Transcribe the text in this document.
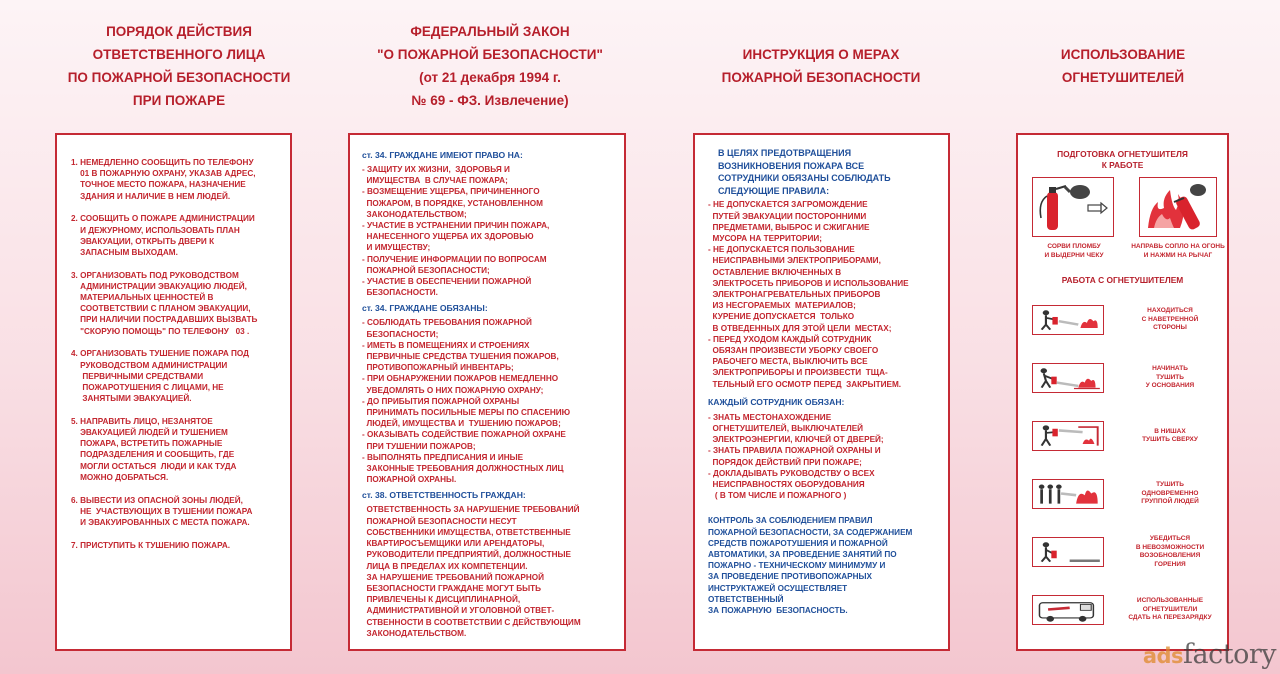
ПОРЯДОК ДЕЙСТВИЯ
ОТВЕТСТВЕННОГО ЛИЦА
ПО ПОЖАРНОЙ БЕЗОПАСНОСТИ
ПРИ ПОЖАРЕ
ФЕДЕРАЛЬНЫЙ ЗАКОН
"О ПОЖАРНОЙ БЕЗОПАСНОСТИ"
(от 21 декабря 1994 г.
№ 69 - ФЗ. Извлечение)
ИНСТРУКЦИЯ О МЕРАХ
ПОЖАРНОЙ БЕЗОПАСНОСТИ
ИСПОЛЬЗОВАНИЕ
ОГНЕТУШИТЕЛЕЙ
1. НЕМЕДЛЕННО СООБЩИТЬ ПО ТЕЛЕФОНУ
01 В ПОЖАРНУЮ ОХРАНУ, УКАЗАВ АДРЕС,
ТОЧНОЕ МЕСТО ПОЖАРА, НАЗНАЧЕНИЕ
ЗДАНИЯ И НАЛИЧИЕ В НЕМ ЛЮДЕЙ.
2. СООБЩИТЬ О ПОЖАРЕ АДМИНИСТРАЦИИ
И ДЕЖУРНОМУ, ИСПОЛЬЗОВАТЬ ПЛАН
ЭВАКУАЦИИ, ОТКРЫТЬ ДВЕРИ К
ЗАПАСНЫМ ВЫХОДАМ.
3. ОРГАНИЗОВАТЬ ПОД РУКОВОДСТВОМ
АДМИНИСТРАЦИИ ЭВАКУАЦИЮ ЛЮДЕЙ,
МАТЕРИАЛЬНЫХ ЦЕННОСТЕЙ В
СООТВЕТСТВИИ С ПЛАНОМ ЭВАКУАЦИИ,
ПРИ НАЛИЧИИ ПОСТРАДАВШИХ ВЫЗВАТЬ
"СКОРУЮ ПОМОЩЬ" ПО ТЕЛЕФОНУ   03 .
4. ОРГАНИЗОВАТЬ ТУШЕНИЕ ПОЖАРА ПОД
РУКОВОДСТВОМ АДМИНИСТРАЦИИ
ПЕРВИЧНЫМИ СРЕДСТВАМИ
ПОЖАРОТУШЕНИЯ С ЛИЦАМИ, НЕ
ЗАНЯТЫМИ ЭВАКУАЦИЕЙ.
5. НАПРАВИТЬ ЛИЦО, НЕЗАНЯТОЕ
ЭВАКУАЦИЕЙ ЛЮДЕЙ И ТУШЕНИЕМ
ПОЖАРА, ВСТРЕТИТЬ ПОЖАРНЫЕ
ПОДРАЗДЕЛЕНИЯ И СООБЩИТЬ, ГДЕ
МОГЛИ ОСТАТЬСЯ  ЛЮДИ И КАК ТУДА
МОЖНО ДОБРАТЬСЯ.
6. ВЫВЕСТИ ИЗ ОПАСНОЙ ЗОНЫ ЛЮДЕЙ,
НЕ  УЧАСТВУЮЩИХ В ТУШЕНИИ ПОЖАРА
И ЭВАКУИРОВАННЫХ С МЕСТА ПОЖАРА.
7. ПРИСТУПИТЬ К ТУШЕНИЮ ПОЖАРА.
ст. 34. ГРАЖДАНЕ ИМЕЮТ ПРАВО НА:
- ЗАЩИТУ ИХ ЖИЗНИ,  ЗДОРОВЬЯ И
ИМУЩЕСТВА  В СЛУЧАЕ ПОЖАРА;
- ВОЗМЕЩЕНИЕ УЩЕРБА, ПРИЧИНЕННОГО
ПОЖАРОМ, В ПОРЯДКЕ, УСТАНОВЛЕННОМ
ЗАКОНОДАТЕЛЬСТВОМ;
- УЧАСТИЕ В УСТРАНЕНИИ ПРИЧИН ПОЖАРА,
НАНЕСЕННОГО УЩЕРБА ИХ ЗДОРОВЬЮ
И ИМУЩЕСТВУ;
- ПОЛУЧЕНИЕ ИНФОРМАЦИИ ПО ВОПРОСАМ
ПОЖАРНОЙ БЕЗОПАСНОСТИ;
- УЧАСТИЕ В ОБЕСПЕЧЕНИИ ПОЖАРНОЙ
БЕЗОПАСНОСТИ.
ст. 34. ГРАЖДАНЕ ОБЯЗАНЫ:
- СОБЛЮДАТЬ ТРЕБОВАНИЯ ПОЖАРНОЙ
БЕЗОПАСНОСТИ;
- ИМЕТЬ В ПОМЕЩЕНИЯХ И СТРОЕНИЯХ
ПЕРВИЧНЫЕ СРЕДСТВА ТУШЕНИЯ ПОЖАРОВ,
ПРОТИВОПОЖАРНЫЙ ИНВЕНТАРЬ;
- ПРИ ОБНАРУЖЕНИИ ПОЖАРОВ НЕМЕДЛЕННО
УВЕДОМЛЯТЬ О НИХ ПОЖАРНУЮ ОХРАНУ;
- ДО ПРИБЫТИЯ ПОЖАРНОЙ ОХРАНЫ
ПРИНИМАТЬ ПОСИЛЬНЫЕ МЕРЫ ПО СПАСЕНИЮ
ЛЮДЕЙ, ИМУЩЕСТВА И  ТУШЕНИЮ ПОЖАРОВ;
- ОКАЗЫВАТЬ СОДЕЙСТВИЕ ПОЖАРНОЙ ОХРАНЕ
ПРИ ТУШЕНИИ ПОЖАРОВ;
- ВЫПОЛНЯТЬ ПРЕДПИСАНИЯ И ИНЫЕ
ЗАКОННЫЕ ТРЕБОВАНИЯ ДОЛЖНОСТНЫХ ЛИЦ
ПОЖАРНОЙ ОХРАНЫ.
ст. 38. ОТВЕТСТВЕННОСТЬ ГРАЖДАН:
ОТВЕТСТВЕННОСТЬ ЗА НАРУШЕНИЕ ТРЕБОВАНИЙ
ПОЖАРНОЙ БЕЗОПАСНОСТИ НЕСУТ
СОБСТВЕННИКИ ИМУЩЕСТВА, ОТВЕТСТВЕННЫЕ
КВАРТИРОСЪЕМЩИКИ ИЛИ АРЕНДАТОРЫ,
РУКОВОДИТЕЛИ ПРЕДПРИЯТИЙ, ДОЛЖНОСТНЫЕ
ЛИЦА В ПРЕДЕЛАХ ИХ КОМПЕТЕНЦИИ.
ЗА НАРУШЕНИЕ ТРЕБОВАНИЙ ПОЖАРНОЙ
БЕЗОПАСНОСТИ ГРАЖДАНЕ МОГУТ БЫТЬ
ПРИВЛЕЧЕНЫ К ДИСЦИПЛИНАРНОЙ,
АДМИНИСТРАТИВНОЙ И УГОЛОВНОЙ ОТВЕТ-
СТВЕННОСТИ В СООТВЕТСТВИИ С ДЕЙСТВУЮЩИМ
ЗАКОНОДАТЕЛЬСТВОМ.
В ЦЕЛЯХ ПРЕДОТВРАЩЕНИЯ
ВОЗНИКНОВЕНИЯ ПОЖАРА ВСЕ
СОТРУДНИКИ ОБЯЗАНЫ СОБЛЮДАТЬ
СЛЕДУЮЩИЕ ПРАВИЛА:
- НЕ ДОПУСКАЕТСЯ ЗАГРОМОЖДЕНИЕ
ПУТЕЙ ЭВАКУАЦИИ ПОСТОРОННИМИ
ПРЕДМЕТАМИ, ВЫБРОС И СЖИГАНИЕ
МУСОРА НА ТЕРРИТОРИИ;
- НЕ ДОПУСКАЕТСЯ ПОЛЬЗОВАНИЕ
НЕИСПРАВНЫМИ ЭЛЕКТРОПРИБОРАМИ,
ОСТАВЛЕНИЕ ВКЛЮЧЕННЫХ В
ЭЛЕКТРОСЕТЬ ПРИБОРОВ И ИСПОЛЬЗОВАНИЕ
ЭЛЕКТРОНАГРЕВАТЕЛЬНЫХ ПРИБОРОВ
ИЗ НЕСГОРАЕМЫХ  МАТЕРИАЛОВ;
КУРЕНИЕ ДОПУСКАЕТСЯ  ТОЛЬКО
В ОТВЕДЕННЫХ ДЛЯ ЭТОЙ ЦЕЛИ  МЕСТАХ;
- ПЕРЕД УХОДОМ КАЖДЫЙ СОТРУДНИК
ОБЯЗАН ПРОИЗВЕСТИ УБОРКУ СВОЕГО
РАБОЧЕГО МЕСТА, ВЫКЛЮЧИТЬ ВСЕ
ЭЛЕКТРОПРИБОРЫ И ПРОИЗВЕСТИ  ТЩА-
ТЕЛЬНЫЙ ЕГО ОСМОТР ПЕРЕД  ЗАКРЫТИЕМ.
КАЖДЫЙ СОТРУДНИК ОБЯЗАН:
- ЗНАТЬ МЕСТОНАХОЖДЕНИЕ
ОГНЕТУШИТЕЛЕЙ, ВЫКЛЮЧАТЕЛЕЙ
ЭЛЕКТРОЭНЕРГИИ, КЛЮЧЕЙ ОТ ДВЕРЕЙ;
- ЗНАТЬ ПРАВИЛА ПОЖАРНОЙ ОХРАНЫ И
ПОРЯДОК ДЕЙСТВИЙ ПРИ ПОЖАРЕ;
- ДОКЛАДЫВАТЬ РУКОВОДСТВУ О ВСЕХ
НЕИСПРАВНОСТЯХ ОБОРУДОВАНИЯ
( В ТОМ ЧИСЛЕ И ПОЖАРНОГО )
КОНТРОЛЬ ЗА СОБЛЮДЕНИЕМ ПРАВИЛ
ПОЖАРНОЙ БЕЗОПАСНОСТИ, ЗА СОДЕРЖАНИЕМ
СРЕДСТВ ПОЖАРОТУШЕНИЯ И ПОЖАРНОЙ
АВТОМАТИКИ, ЗА ПРОВЕДЕНИЕ ЗАНЯТИЙ ПО
ПОЖАРНО - ТЕХНИЧЕСКОМУ МИНИМУМУ И
ЗА ПРОВЕДЕНИЕ ПРОТИВОПОЖАРНЫХ
ИНСТРУКТАЖЕЙ ОСУЩЕСТВЛЯЕТ
ОТВЕТСТВЕННЫЙ
ЗА ПОЖАРНУЮ  БЕЗОПАСНОСТЬ.
ПОДГОТОВКА ОГНЕТУШИТЕЛЯ
К РАБОТЕ
СОРВИ ПЛОМБУ
И ВЫДЕРНИ ЧЕКУ
НАПРАВЬ СОПЛО НА ОГОНЬ
И НАЖМИ НА РЫЧАГ
РАБОТА С ОГНЕТУШИТЕЛЕМ
НАХОДИТЬСЯ
С НАВЕТРЕННОЙ
СТОРОНЫ
НАЧИНАТЬ
ТУШИТЬ
У ОСНОВАНИЯ
В НИШАХ
ТУШИТЬ СВЕРХУ
ТУШИТЬ
ОДНОВРЕМЕННО
ГРУППОЙ ЛЮДЕЙ
УБЕДИТЬСЯ
В НЕВОЗМОЖНОСТИ
ВОЗОБНОВЛЕНИЯ
ГОРЕНИЯ
ИСПОЛЬЗОВАННЫЕ
ОГНЕТУШИТЕЛИ
СДАТЬ НА ПЕРЕЗАРЯДКУ
adsfactory
